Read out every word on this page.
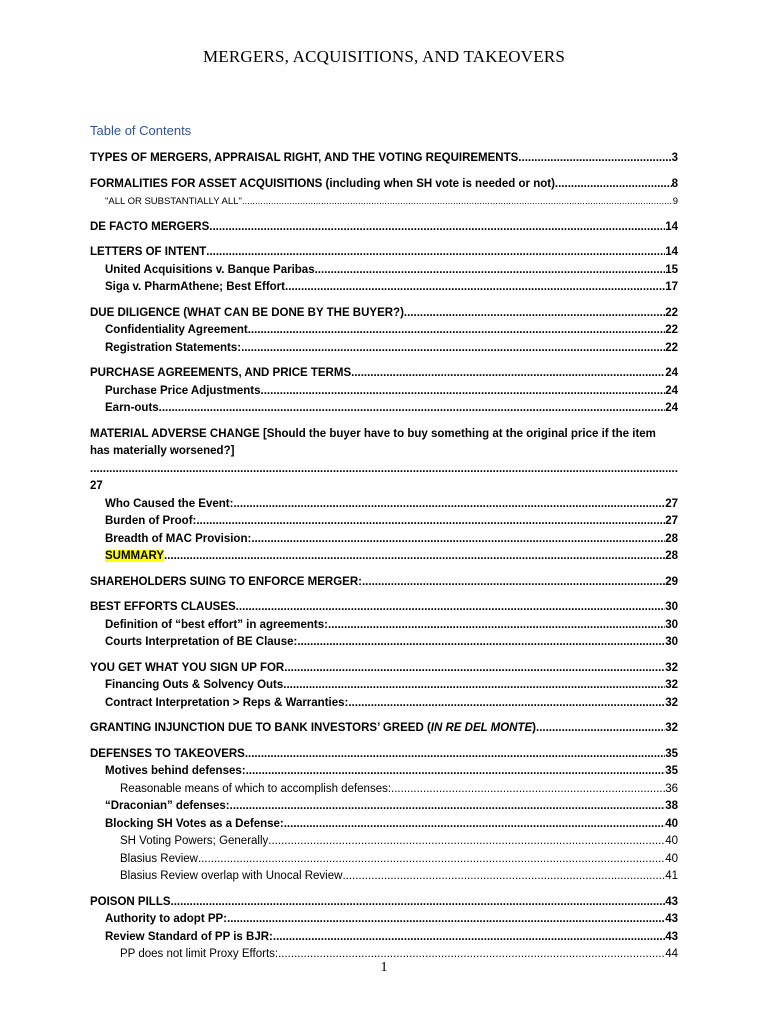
MERGERS, ACQUISITIONS, AND TAKEOVERS
Table of Contents
TYPES OF MERGERS, APPRAISAL RIGHT, AND THE VOTING REQUIREMENTS. .....	3
FORMALITIES FOR ASSET ACQUISITIONS (including when SH vote is needed or not) .....	8
"ALL OR SUBSTANTIALLY ALL" .....	9
DE FACTO MERGERS. .....	14
LETTERS OF INTENT .....	14
United Acquisitions v. Banque Paribas .....	15
Siga v. PharmAthene; Best Effort. .....	17
DUE DILIGENCE (WHAT CAN BE DONE BY THE BUYER?) .....	22
Confidentiality Agreement .....	22
Registration Statements: .....	22
PURCHASE AGREEMENTS, AND PRICE TERMS. .....	24
Purchase Price Adjustments .....	24
Earn-outs .....	24
MATERIAL ADVERSE CHANGE [Should the buyer have to buy something at the original price if the item
has materially worsened?]
.....
27
Who Caused the Event: .....	27
Burden of Proof: .....	27
Breadth of MAC Provision: .....	28
SUMMARY .....	28
SHAREHOLDERS SUING TO ENFORCE MERGER: .....	29
BEST EFFORTS CLAUSES. .....	30
Definition of “best effort” in agreements: .....	30
Courts Interpretation of BE Clause: .....	30
YOU GET WHAT YOU SIGN UP FOR. .....	32
Financing Outs & Solvency Outs .....	32
Contract Interpretation > Reps & Warranties: .....	32
GRANTING INJUNCTION DUE TO BANK INVESTORS’ GREED (IN RE DEL MONTE) .....	32
DEFENSES TO TAKEOVERS. .....	35
Motives behind defenses: .....	35
Reasonable means of which to accomplish defenses: .....	36
“Draconian” defenses: .....	38
Blocking SH Votes as a Defense: .....	40
SH Voting Powers; Generally .....	40
Blasius Review .....	40
Blasius Review overlap with Unocal Review .....	41
POISON PILLS .....	43
Authority to adopt PP: .....	43
Review Standard of PP is BJR: .....	43
PP does not limit Proxy Efforts: .....	44
1
